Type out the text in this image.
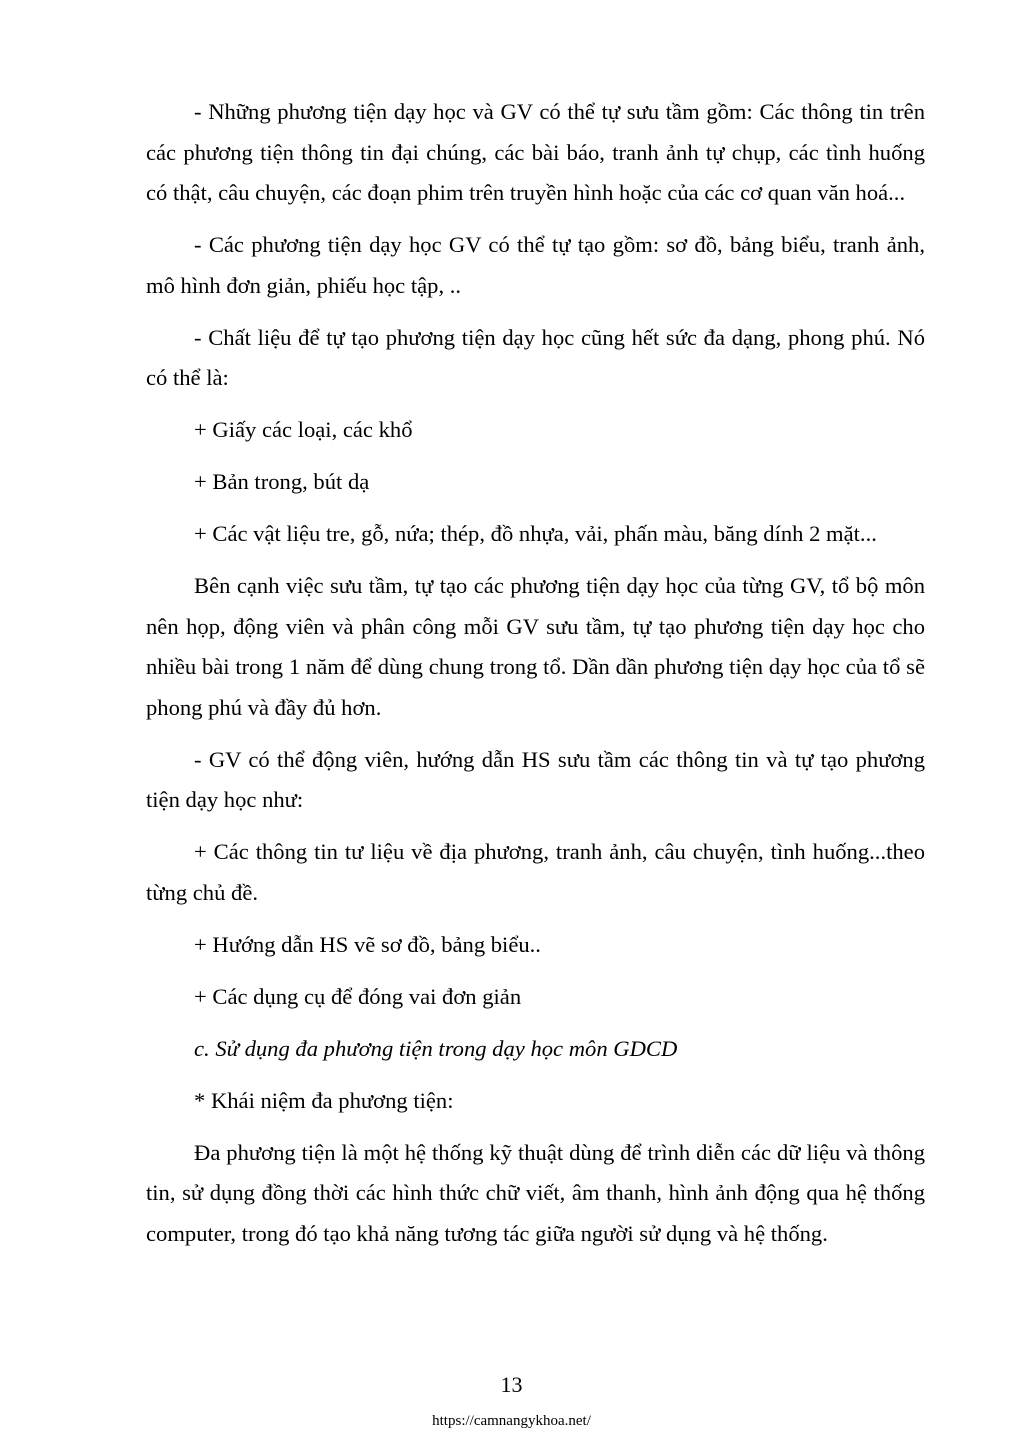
- Những phương tiện dạy học và GV có thể tự sưu tầm gồm: Các thông tin trên các phương tiện thông tin đại chúng, các bài báo, tranh ảnh tự chụp, các tình huống có thật, câu chuyện, các đoạn phim trên truyền hình hoặc của các cơ quan văn hoá...

- Các phương tiện dạy học GV có thể tự tạo gồm: sơ đồ, bảng biểu, tranh ảnh, mô hình đơn giản, phiếu học tập, ..

- Chất liệu để tự tạo phương tiện dạy học cũng hết sức đa dạng, phong phú. Nó có thể là:

+ Giấy các loại, các khổ

+ Bản trong, bút dạ

+ Các vật liệu tre, gỗ, nứa; thép, đồ nhựa, vải, phấn màu, băng dính 2 mặt...

Bên cạnh việc sưu tầm, tự tạo các phương tiện dạy học của từng GV, tổ bộ môn nên họp, động viên và phân công mỗi GV sưu tầm, tự tạo phương tiện dạy học cho nhiều bài trong 1 năm để dùng chung trong tổ. Dần dần phương tiện dạy học của tổ sẽ phong phú và đầy đủ hơn.

- GV có thể động viên, hướng dẫn HS sưu tầm các thông tin và tự tạo phương tiện dạy học như:

+ Các thông tin tư liệu về địa phương, tranh ảnh, câu chuyện, tình huống...theo từng chủ đề.

+ Hướng dẫn HS vẽ sơ đồ, bảng biểu..

+ Các dụng cụ để đóng vai đơn giản

c. Sử dụng đa phương tiện trong dạy học môn GDCD

* Khái niệm đa phương tiện:

Đa phương tiện là một hệ thống kỹ thuật dùng để trình diễn các dữ liệu và thông tin, sử dụng đồng thời các hình thức chữ viết, âm thanh, hình ảnh động qua hệ thống computer, trong đó tạo khả năng tương tác giữa người sử dụng và hệ thống.

13
https://camnangykhoa.net/
